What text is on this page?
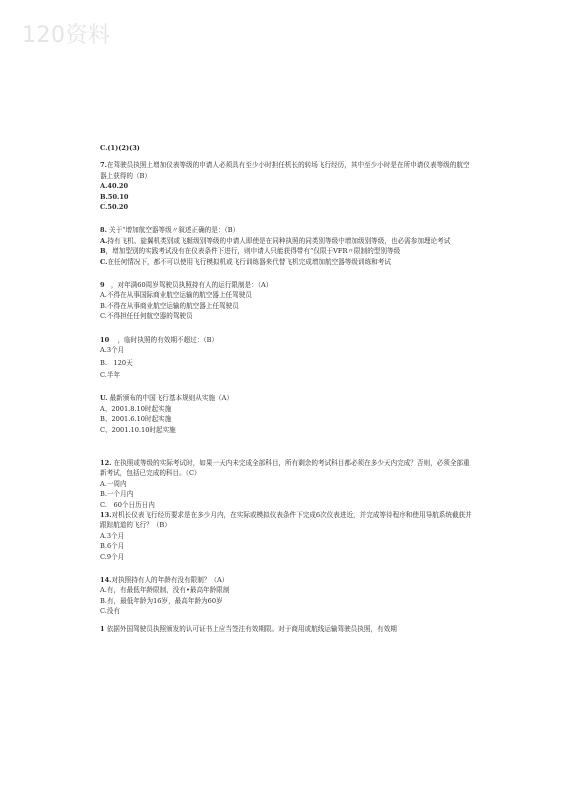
120资料
C.(1)(2)(3)
7.在驾驶员执照上增加仪表等级的申请人必须具有至少小时担任机长的转场飞行经历，其中至少小时是在所申请仪表等级的航空器上获得的（B）
A.40.20
B.50.10
C.50.20
8. 关于“增加航空器等级〃叙述正确的是：（B）
A.持有飞机、旋翼机类别或飞艇级别等级的申请人即使是在同种执照的同类别等级中增加级别等级，也必需参加理论考试
B，增加型别的实践考试没有在仪表条件下进行，则申请人只能获得带有“仅限于VFR〃限制的型别等级
C.在任何情况下，都不可以使用飞行模拟机或飞行训练器来代替飞机完成增加航空器等级训练和考试
9 ，对年满60周岁驾驶员执照持有人的运行限制是：（A）
A.不得在从事国际商业航空运输的航空器上任驾驶员
B.不得在从事商业航空运输的航空器上任驾驶员
C.不得担任任何航空器的驾驶员
10 ，临时执照的有效期不超过：（B）
A.3个月
B.　120天
C.半年
U. 最新颁布的中国飞行基本规则从实施（A）
A、2001.8.10时起实施
B、2001.6.10时起实施
C、2001.10.10时起实施
12. 在执照或等级的实际考试时，如果一天内未完成全部科目，所有剩余的考试科目都必须在多少天内完成？否则，必须全部重新考试，包括已完成的科目。（C）
A.一周内
B.一个月内
C.　60个日历日内
13.对机长仪表飞行经历要求是在多少月内，在实际或模拟仪表条件下完成6次仪表进近，并完成等待程序和使用导航系统截获并跟踪航道的飞行？（B）
A.3个月
B.6个月
C.9个月
14.对执照持有人的年龄有没有限制？（A）
A.有，有最低年龄限制，没有•最高年龄限制
B.有，最低年龄为16岁，最高年龄为60岁
C.没有
1 依据外国驾驶员执照颁发的认可证书上应当签注有效期限。对于商用或航线运输驾驶员执照，有效期
